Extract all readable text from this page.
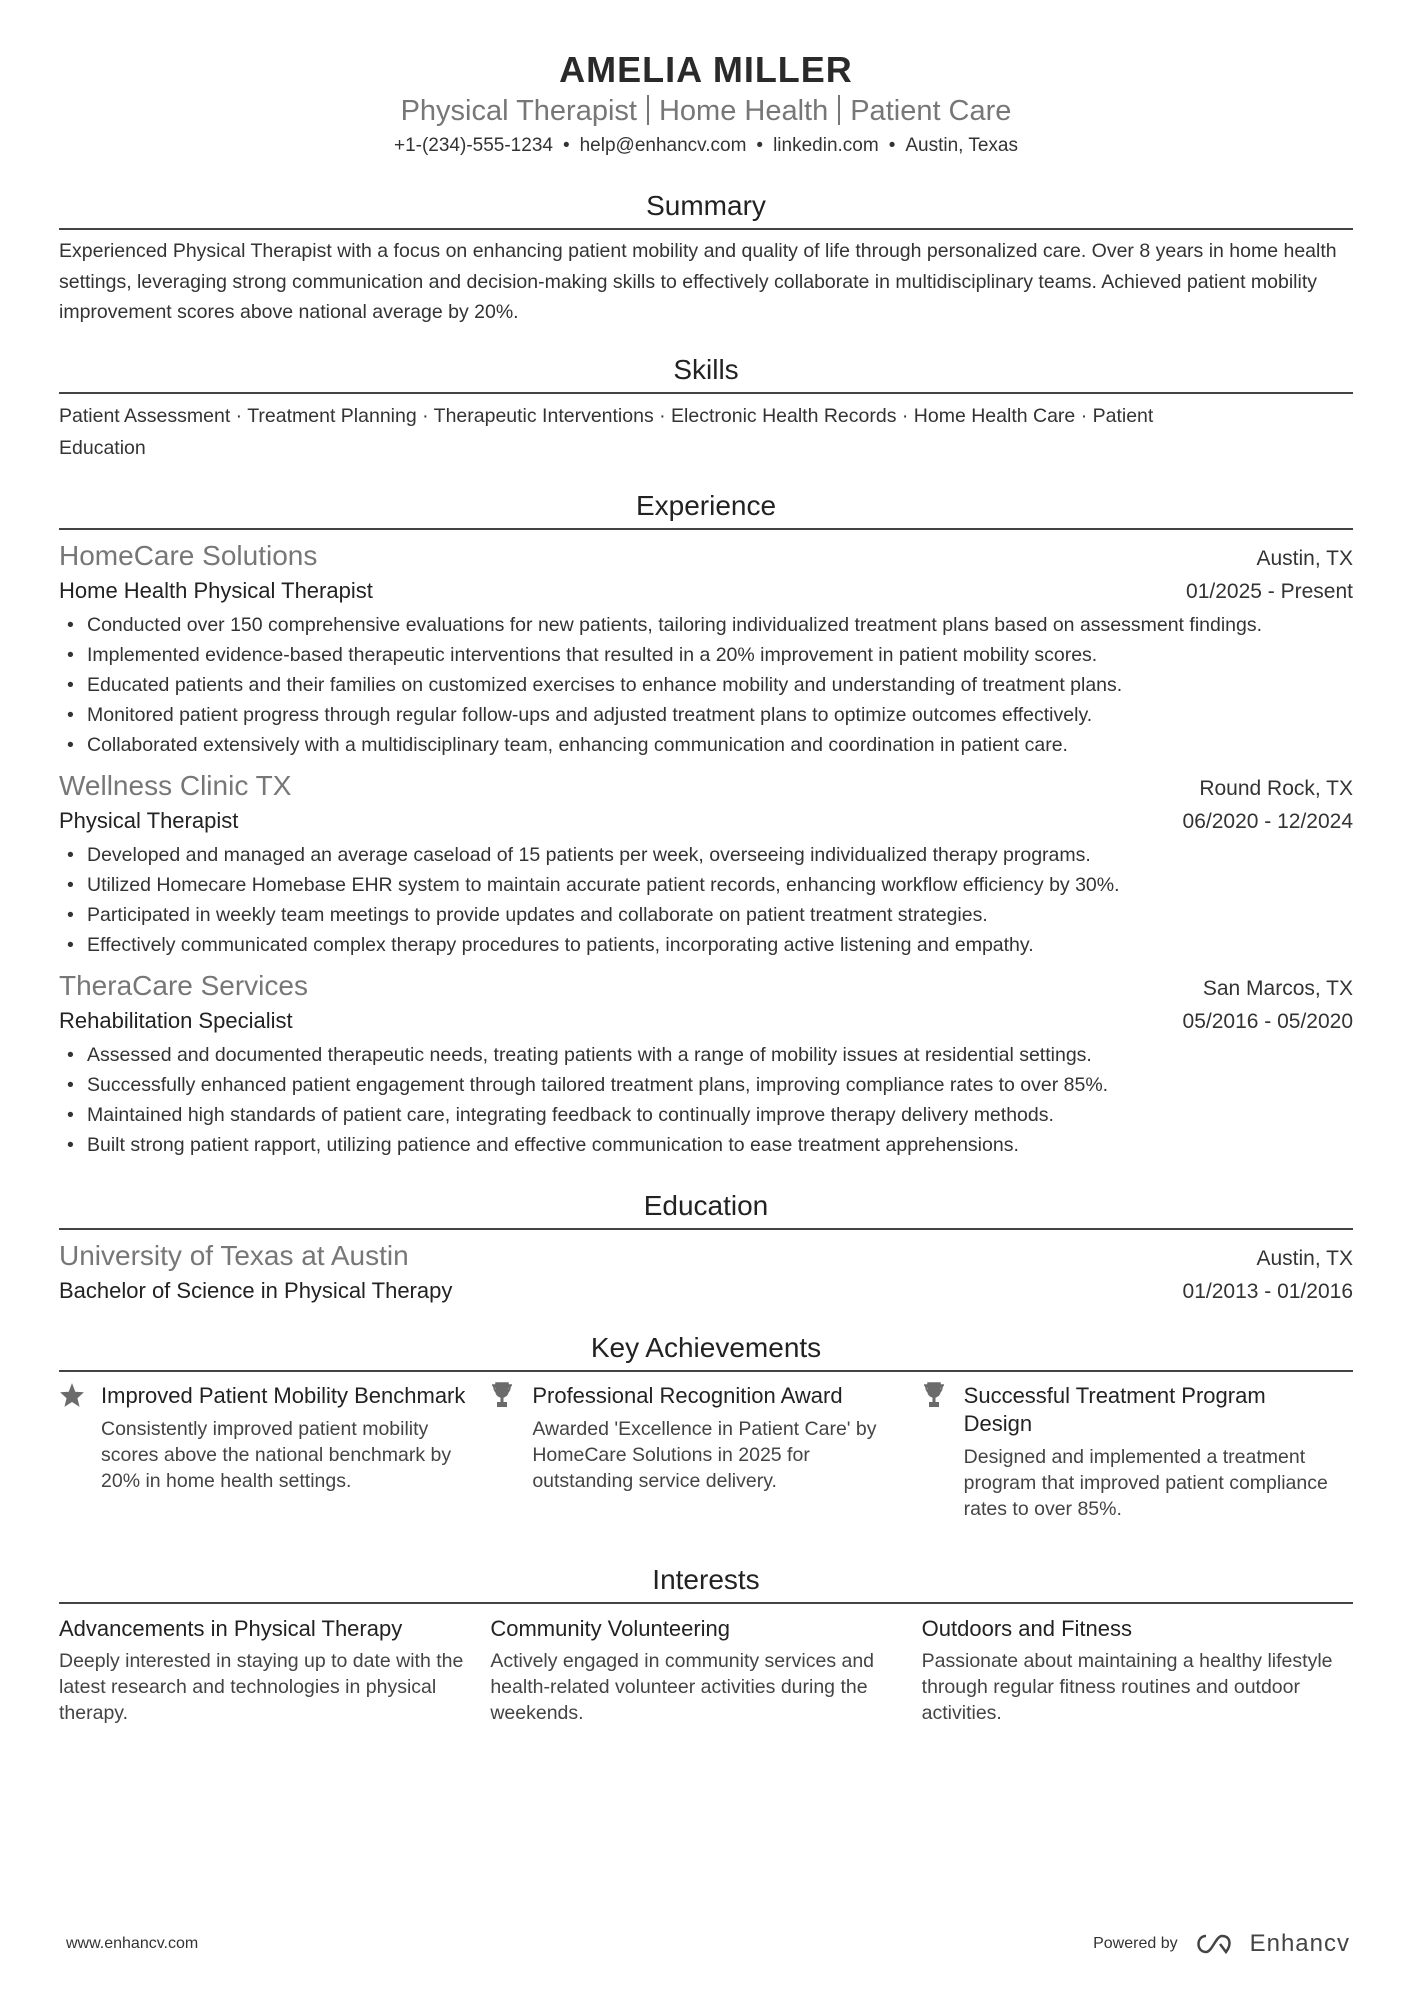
AMELIA MILLER
Physical Therapist Home Health Patient Care
+1-(234)-555-1234 • help@enhancv.com • linkedin.com • Austin, Texas
Summary
Experienced Physical Therapist with a focus on enhancing patient mobility and quality of life through personalized care. Over 8 years in home health settings, leveraging strong communication and decision-making skills to effectively collaborate in multidisciplinary teams. Achieved patient mobility improvement scores above national average by 20%.
Skills
Patient Assessment · Treatment Planning · Therapeutic Interventions · Electronic Health Records · Home Health Care · Patient Education
Experience
HomeCare Solutions	Austin, TX
Home Health Physical Therapist	01/2025 - Present
• Conducted over 150 comprehensive evaluations for new patients, tailoring individualized treatment plans based on assessment findings.
• Implemented evidence-based therapeutic interventions that resulted in a 20% improvement in patient mobility scores.
• Educated patients and their families on customized exercises to enhance mobility and understanding of treatment plans.
• Monitored patient progress through regular follow-ups and adjusted treatment plans to optimize outcomes effectively.
• Collaborated extensively with a multidisciplinary team, enhancing communication and coordination in patient care.
Wellness Clinic TX	Round Rock, TX
Physical Therapist	06/2020 - 12/2024
• Developed and managed an average caseload of 15 patients per week, overseeing individualized therapy programs.
• Utilized Homecare Homebase EHR system to maintain accurate patient records, enhancing workflow efficiency by 30%.
• Participated in weekly team meetings to provide updates and collaborate on patient treatment strategies.
• Effectively communicated complex therapy procedures to patients, incorporating active listening and empathy.
TheraCare Services	San Marcos, TX
Rehabilitation Specialist	05/2016 - 05/2020
• Assessed and documented therapeutic needs, treating patients with a range of mobility issues at residential settings.
• Successfully enhanced patient engagement through tailored treatment plans, improving compliance rates to over 85%.
• Maintained high standards of patient care, integrating feedback to continually improve therapy delivery methods.
• Built strong patient rapport, utilizing patience and effective communication to ease treatment apprehensions.
Education
University of Texas at Austin	Austin, TX
Bachelor of Science in Physical Therapy	01/2013 - 01/2016
Key Achievements
Improved Patient Mobility Benchmark
Consistently improved patient mobility scores above the national benchmark by 20% in home health settings.
Professional Recognition Award
Awarded 'Excellence in Patient Care' by HomeCare Solutions in 2025 for outstanding service delivery.
Successful Treatment Program Design
Designed and implemented a treatment program that improved patient compliance rates to over 85%.
Interests
Advancements in Physical Therapy
Deeply interested in staying up to date with the latest research and technologies in physical therapy.
Community Volunteering
Actively engaged in community services and health-related volunteer activities during the weekends.
Outdoors and Fitness
Passionate about maintaining a healthy lifestyle through regular fitness routines and outdoor activities.
www.enhancv.com	Powered by	Enhancv
